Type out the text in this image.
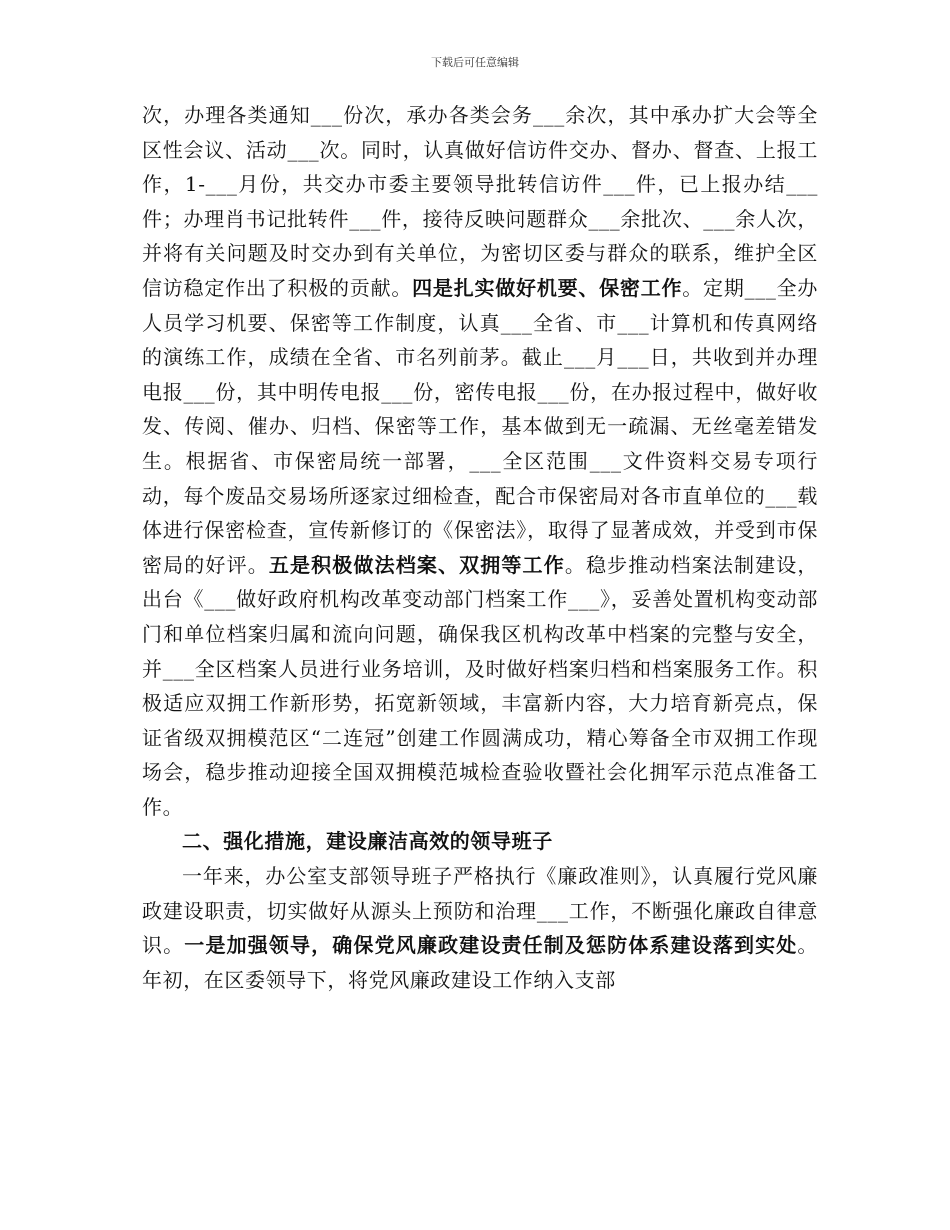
下载后可任意编辑

次，办理各类通知___份次，承办各类会务___余次，其中承办扩大会等全区性会议、活动___次。同时，认真做好信访件交办、督办、督查、上报工作，1-___月份，共交办市委主要领导批转信访件___件，已上报办结___件；办理肖书记批转件___件，接待反映问题群众___余批次、___余人次，并将有关问题及时交办到有关单位，为密切区委与群众的联系，维护全区信访稳定作出了积极的贡献。四是扎实做好机要、保密工作。定期___全办人员学习机要、保密等工作制度，认真___全省、市___计算机和传真网络的演练工作，成绩在全省、市名列前茅。截止___月___日，共收到并办理电报___份，其中明传电报___份，密传电报___份，在办报过程中，做好收发、传阅、催办、归档、保密等工作，基本做到无一疏漏、无丝毫差错发生。根据省、市保密局统一部署，___全区范围___文件资料交易专项行动，每个废品交易场所逐家过细检查，配合市保密局对各市直单位的___载体进行保密检查，宣传新修订的《保密法》，取得了显著成效，并受到市保密局的好评。五是积极做法档案、双拥等工作。稳步推动档案法制建设，出台《___做好政府机构改革变动部门档案工作___》，妥善处置机构变动部门和单位档案归属和流向问题，确保我区机构改革中档案的完整与安全，并___全区档案人员进行业务培训，及时做好档案归档和档案服务工作。积极适应双拥工作新形势，拓宽新领域，丰富新内容，大力培育新亮点，保证省级双拥模范区“二连冠”创建工作圆满成功，精心筹备全市双拥工作现场会，稳步推动迎接全国双拥模范城检查验收暨社会化拥军示范点准备工作。

二、强化措施，建设廉洁高效的领导班子

一年来，办公室支部领导班子严格执行《廉政准则》，认真履行党风廉政建设职责，切实做好从源头上预防和治理___工作，不断强化廉政自律意识。一是加强领导，确保党风廉政建设责任制及惩防体系建设落到实处。年初，在区委领导下，将党风廉政建设工作纳入支部
